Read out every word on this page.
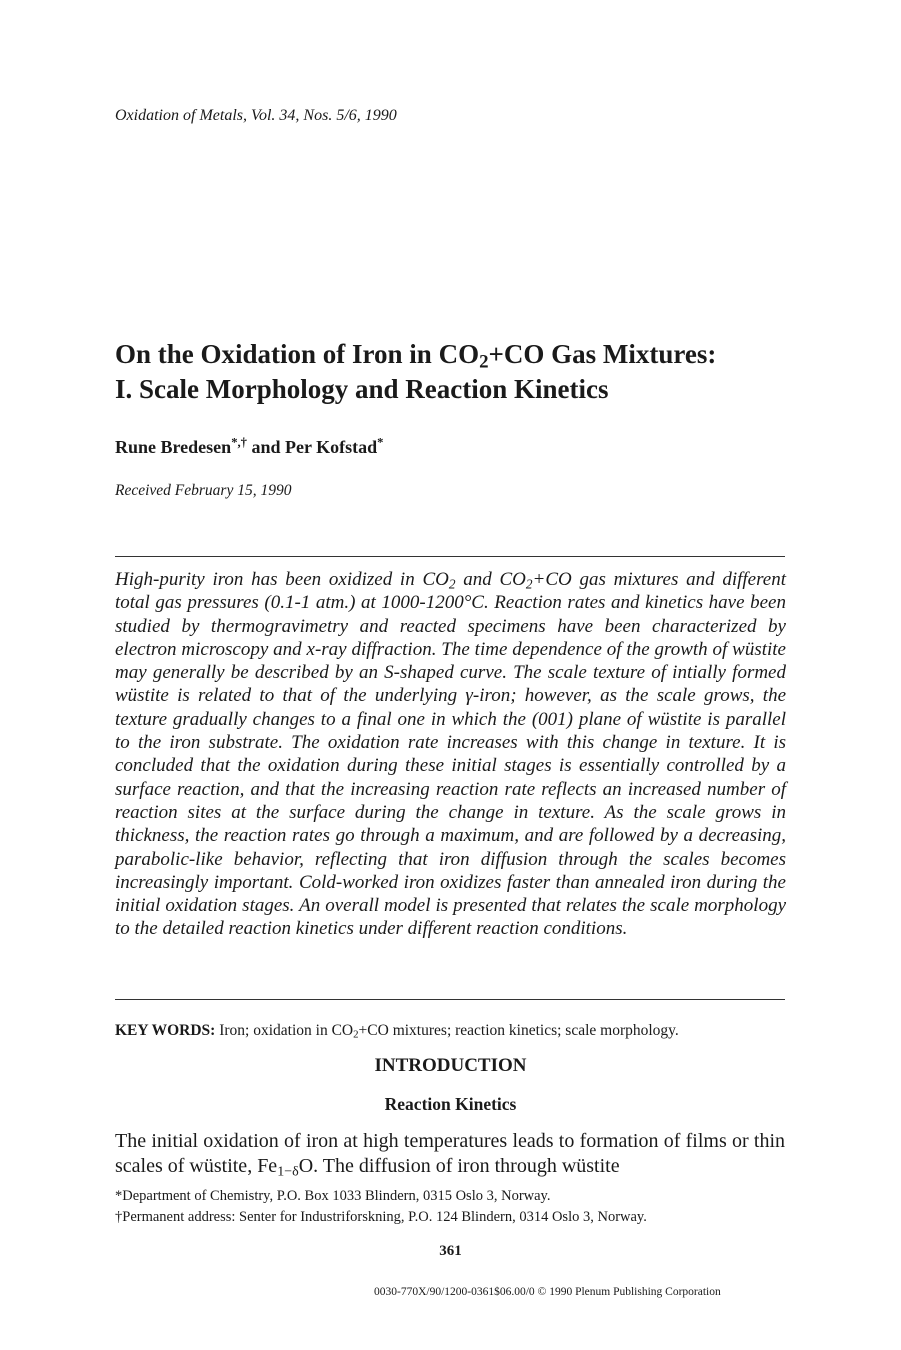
Oxidation of Metals, Vol. 34, Nos. 5/6, 1990
On the Oxidation of Iron in $CO_2+CO$ Gas Mixtures:
I. Scale Morphology and Reaction Kinetics
Rune Bredesen*,† and Per Kofstad*
Received February 15, 1990
High-purity iron has been oxidized in $CO_2$ and $CO_2+CO$ gas mixtures and different total gas pressures (0.1-1 atm.) at 1000-1200°C. Reaction rates and kinetics have been studied by thermogravimetry and reacted specimens have been characterized by electron microscopy and x-ray diffraction. The time dependence of the growth of wüstite may generally be described by an S-shaped curve. The scale texture of intially formed wüstite is related to that of the underlying γ-iron; however, as the scale grows, the texture gradually changes to a final one in which the (001) plane of wüstite is parallel to the iron substrate. The oxidation rate increases with this change in texture. It is concluded that the oxidation during these initial stages is essentially controlled by a surface reaction, and that the increasing reaction rate reflects an increased number of reaction sites at the surface during the change in texture. As the scale grows in thickness, the reaction rates go through a maximum, and are followed by a decreasing, parabolic-like behavior, reflecting that iron diffusion through the scales becomes increasingly important. Cold-worked iron oxidizes faster than annealed iron during the initial oxidation stages. An overall model is presented that relates the scale morphology to the detailed reaction kinetics under different reaction conditions.
KEY WORDS: Iron; oxidation in $CO_2+CO$ mixtures; reaction kinetics; scale morphology.
INTRODUCTION
Reaction Kinetics
The initial oxidation of iron at high temperatures leads to formation of films or thin scales of wüstite, $Fe_{1-\delta}O$. The diffusion of iron through wüstite
*Department of Chemistry, P.O. Box 1033 Blindern, 0315 Oslo 3, Norway.
†Permanent address: Senter for Industriforskning, P.O. 124 Blindern, 0314 Oslo 3, Norway.
361
0030-770X/90/1200-0361$06.00/0 © 1990 Plenum Publishing Corporation
